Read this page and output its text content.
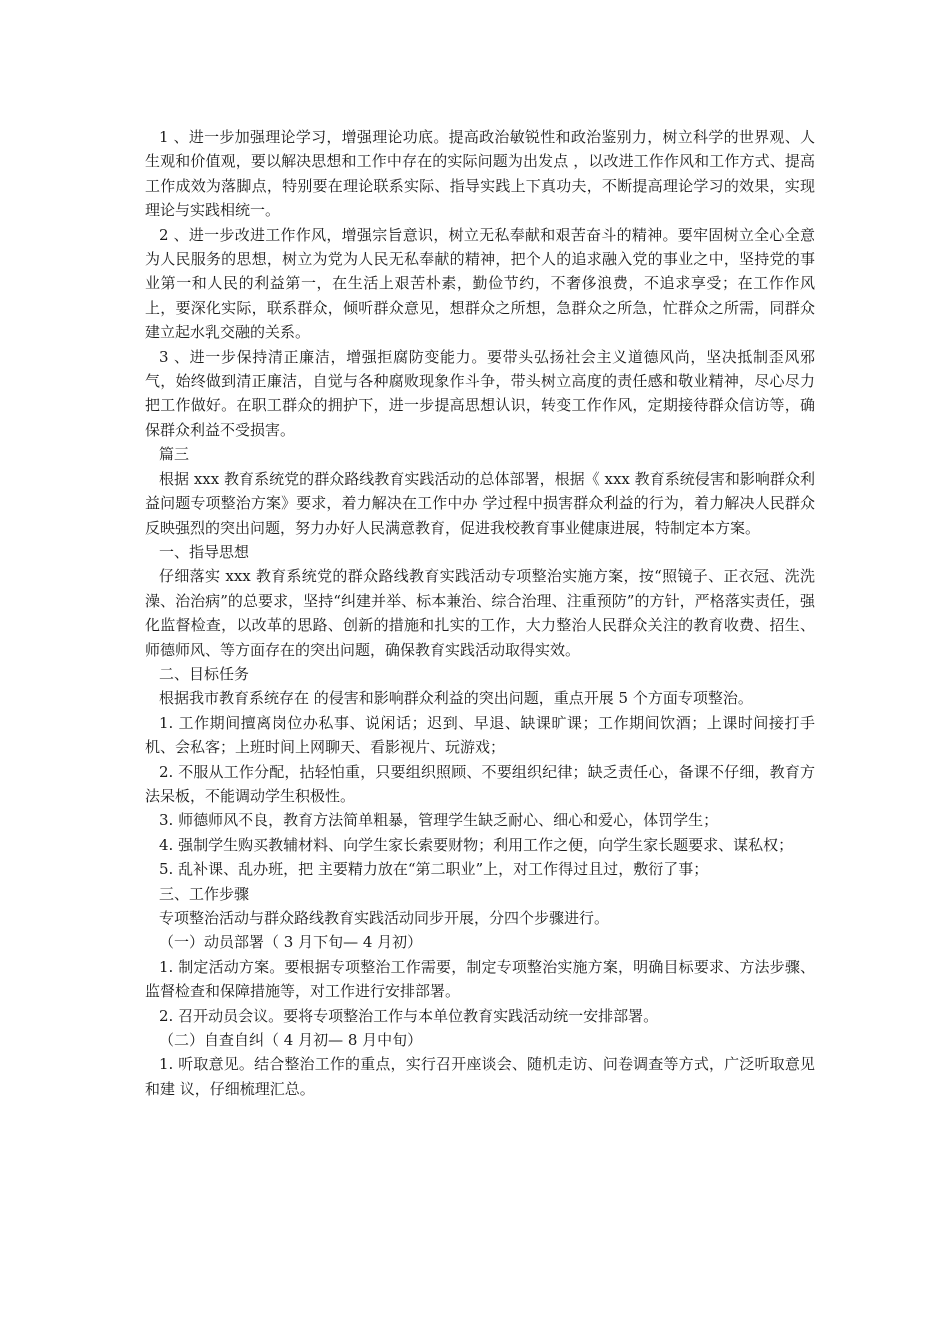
1 、进一步加强理论学习，增强理论功底。提高政治敏锐性和政治鉴别力，树立科学的世界观、人生观和价值观，要以解决思想和工作中存在的实际问题为出发点 ，以改进工作作风和工作方式、提高工作成效为落脚点，特别要在理论联系实际、指导实践上下真功夫，不断提高理论学习的效果，实现理论与实践相统一。

2 、进一步改进工作作风，增强宗旨意识，树立无私奉献和艰苦奋斗的精神。要牢固树立全心全意为人民服务的思想，树立为党为人民无私奉献的精神，把个人的追求融入党的事业之中，坚持党的事业第一和人民的利益第一，在生活上艰苦朴素，勤俭节约，不奢侈浪费，不追求享受；在工作作风上，要深化实际，联系群众，倾听群众意见，想群众之所想，急群众之所急，忙群众之所需，同群众建立起水乳交融的关系。

3 、进一步保持清正廉洁，增强拒腐防变能力。要带头弘扬社会主义道德风尚，坚决抵制歪风邪气，始终做到清正廉洁，自觉与各种腐败现象作斗争，带头树立高度的责任感和敬业精神，尽心尽力把工作做好。在职工群众的拥护下，进一步提高思想认识，转变工作作风，定期接待群众信访等，确保群众利益不受损害。

篇三

根据 xxx 教育系统党的群众路线教育实践活动的总体部署，根据《 xxx 教育系统侵害和影响群众利益问题专项整治方案》要求，着力解决在工作中办 学过程中损害群众利益的行为，着力解决人民群众反映强烈的突出问题，努力办好人民满意教育，促进我校教育事业健康进展，特制定本方案。

一、指导思想

仔细落实 xxx 教育系统党的群众路线教育实践活动专项整治实施方案，按“照镜子、正衣冠、洗洗澡、治治病”的总要求，坚持“纠建并举、标本兼治、综合治理、注重预防”的方针，严格落实责任，强化监督检查，以改革的思路、创新的措施和扎实的工作，大力整治人民群众关注的教育收费、招生、师德师风、等方面存在的突出问题，确保教育实践活动取得实效。

二、目标任务

根据我市教育系统存在 的侵害和影响群众利益的突出问题，重点开展 5 个方面专项整治。

1. 工作期间擅离岗位办私事、说闲话；迟到、早退、缺课旷课；工作期间饮酒；上课时间接打手机、会私客；上班时间上网聊天、看影视片、玩游戏；

2. 不服从工作分配，拈轻怕重，只要组织照顾、不要组织纪律；缺乏责任心，备课不仔细，教育方法呆板，不能调动学生积极性。

3. 师德师风不良，教育方法简单粗暴，管理学生缺乏耐心、细心和爱心，体罚学生；

4. 强制学生购买教辅材料、向学生家长索要财物；利用工作之便，向学生家长题要求、谋私权；

5. 乱补课、乱办班，把 主要精力放在“第二职业”上，对工作得过且过，敷衍了事；

三、工作步骤

专项整治活动与群众路线教育实践活动同步开展，分四个步骤进行。

（一）动员部署（ 3 月下旬— 4 月初）

1. 制定活动方案。要根据专项整治工作需要，制定专项整治实施方案，明确目标要求、方法步骤、监督检查和保障措施等，对工作进行安排部署。

2. 召开动员会议。要将专项整治工作与本单位教育实践活动统一安排部署。

（二）自查自纠（ 4 月初— 8 月中旬）

1. 听取意见。结合整治工作的重点，实行召开座谈会、随机走访、问卷调查等方式，广泛听取意见和建 议，仔细梳理汇总。
